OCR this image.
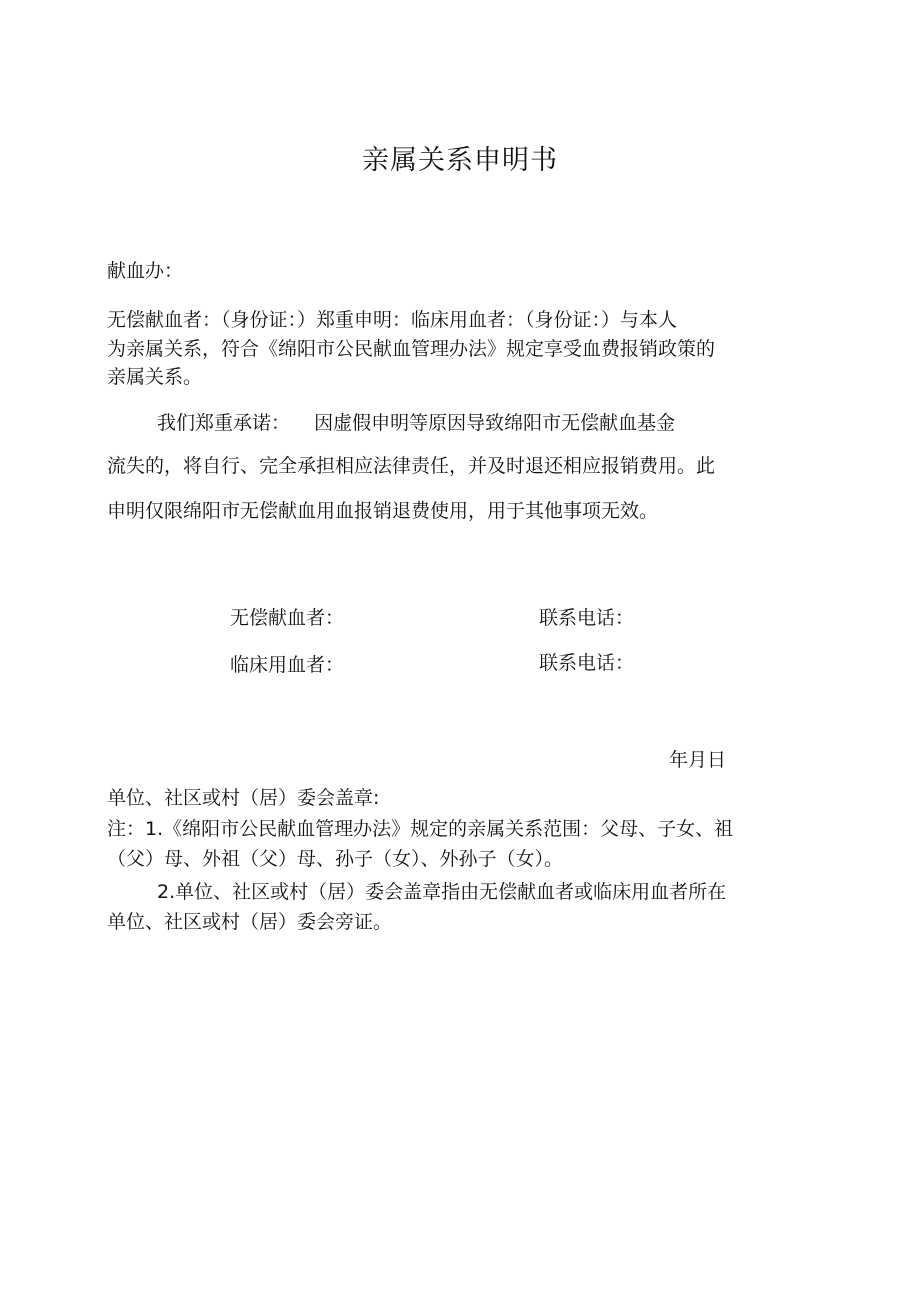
亲属关系申明书
献血办：
无偿献血者：（身份证：）郑重申明：临床用血者：（身份证：）与本人
为亲属关系，符合《绵阳市公民献血管理办法》规定享受血费报销政策的
亲属关系。
我们郑重承诺：    因虚假申明等原因导致绵阳市无偿献血基金
流失的，将自行、完全承担相应法律责任，并及时退还相应报销费用。此
申明仅限绵阳市无偿献血用血报销退费使用，用于其他事项无效。
无偿献血者：	联系电话：
临床用血者：	联系电话：
年月日
单位、社区或村（居）委会盖章:
注：1.《绵阳市公民献血管理办法》规定的亲属关系范围：父母、子女、祖
（父）母、外祖（父）母、孙子（女）、外孙子（女）。
2.单位、社区或村（居）委会盖章指由无偿献血者或临床用血者所在
单位、社区或村（居）委会旁证。
